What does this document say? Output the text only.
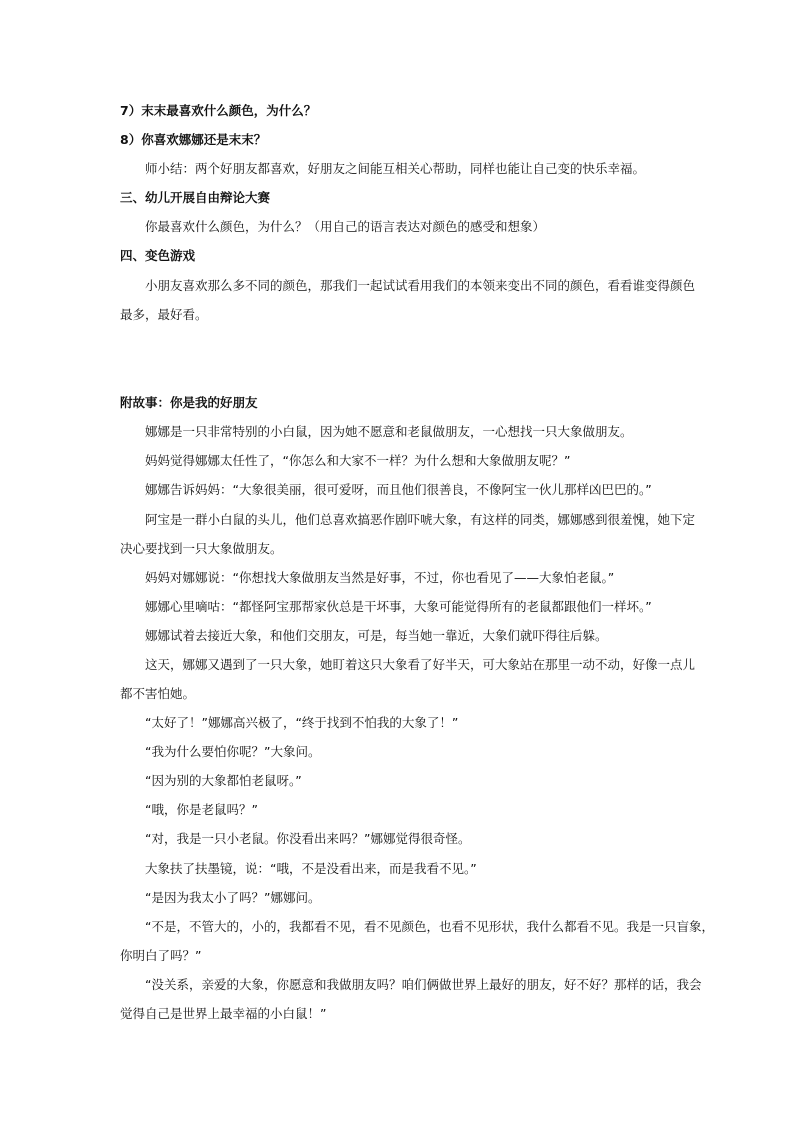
7）末末最喜欢什么颜色，为什么？
8）你喜欢娜娜还是末末？
师小结：两个好朋友都喜欢，好朋友之间能互相关心帮助，同样也能让自己变的快乐幸福。
三、幼儿开展自由辩论大赛
你最喜欢什么颜色，为什么？（用自己的语言表达对颜色的感受和想象）
四、变色游戏
小朋友喜欢那么多不同的颜色，那我们一起试试看用我们的本领来变出不同的颜色，看看谁变得颜色
最多，最好看。
附故事：你是我的好朋友
娜娜是一只非常特别的小白鼠，因为她不愿意和老鼠做朋友，一心想找一只大象做朋友。
妈妈觉得娜娜太任性了，“你怎么和大家不一样？为什么想和大象做朋友呢？”
娜娜告诉妈妈：“大象很美丽，很可爱呀，而且他们很善良，不像阿宝一伙儿那样凶巴巴的。”
阿宝是一群小白鼠的头儿，他们总喜欢搞恶作剧吓唬大象，有这样的同类，娜娜感到很羞愧，她下定
决心要找到一只大象做朋友。
妈妈对娜娜说：“你想找大象做朋友当然是好事，不过，你也看见了——大象怕老鼠。”
娜娜心里嘀咕：“都怪阿宝那帮家伙总是干坏事，大象可能觉得所有的老鼠都跟他们一样坏。”
娜娜试着去接近大象，和他们交朋友，可是，每当她一靠近，大象们就吓得往后躲。
这天，娜娜又遇到了一只大象，她盯着这只大象看了好半天，可大象站在那里一动不动，好像一点儿
都不害怕她。
“太好了！”娜娜高兴极了，“终于找到不怕我的大象了！”
“我为什么要怕你呢？”大象问。
“因为别的大象都怕老鼠呀。”
“哦，你是老鼠吗？”
“对，我是一只小老鼠。你没看出来吗？”娜娜觉得很奇怪。
大象扶了扶墨镜，说：“哦，不是没看出来，而是我看不见。”
“是因为我太小了吗？”娜娜问。
“不是，不管大的，小的，我都看不见，看不见颜色，也看不见形状，我什么都看不见。我是一只盲象，
你明白了吗？”
“没关系，亲爱的大象，你愿意和我做朋友吗？咱们俩做世界上最好的朋友，好不好？那样的话，我会
觉得自己是世界上最幸福的小白鼠！”
